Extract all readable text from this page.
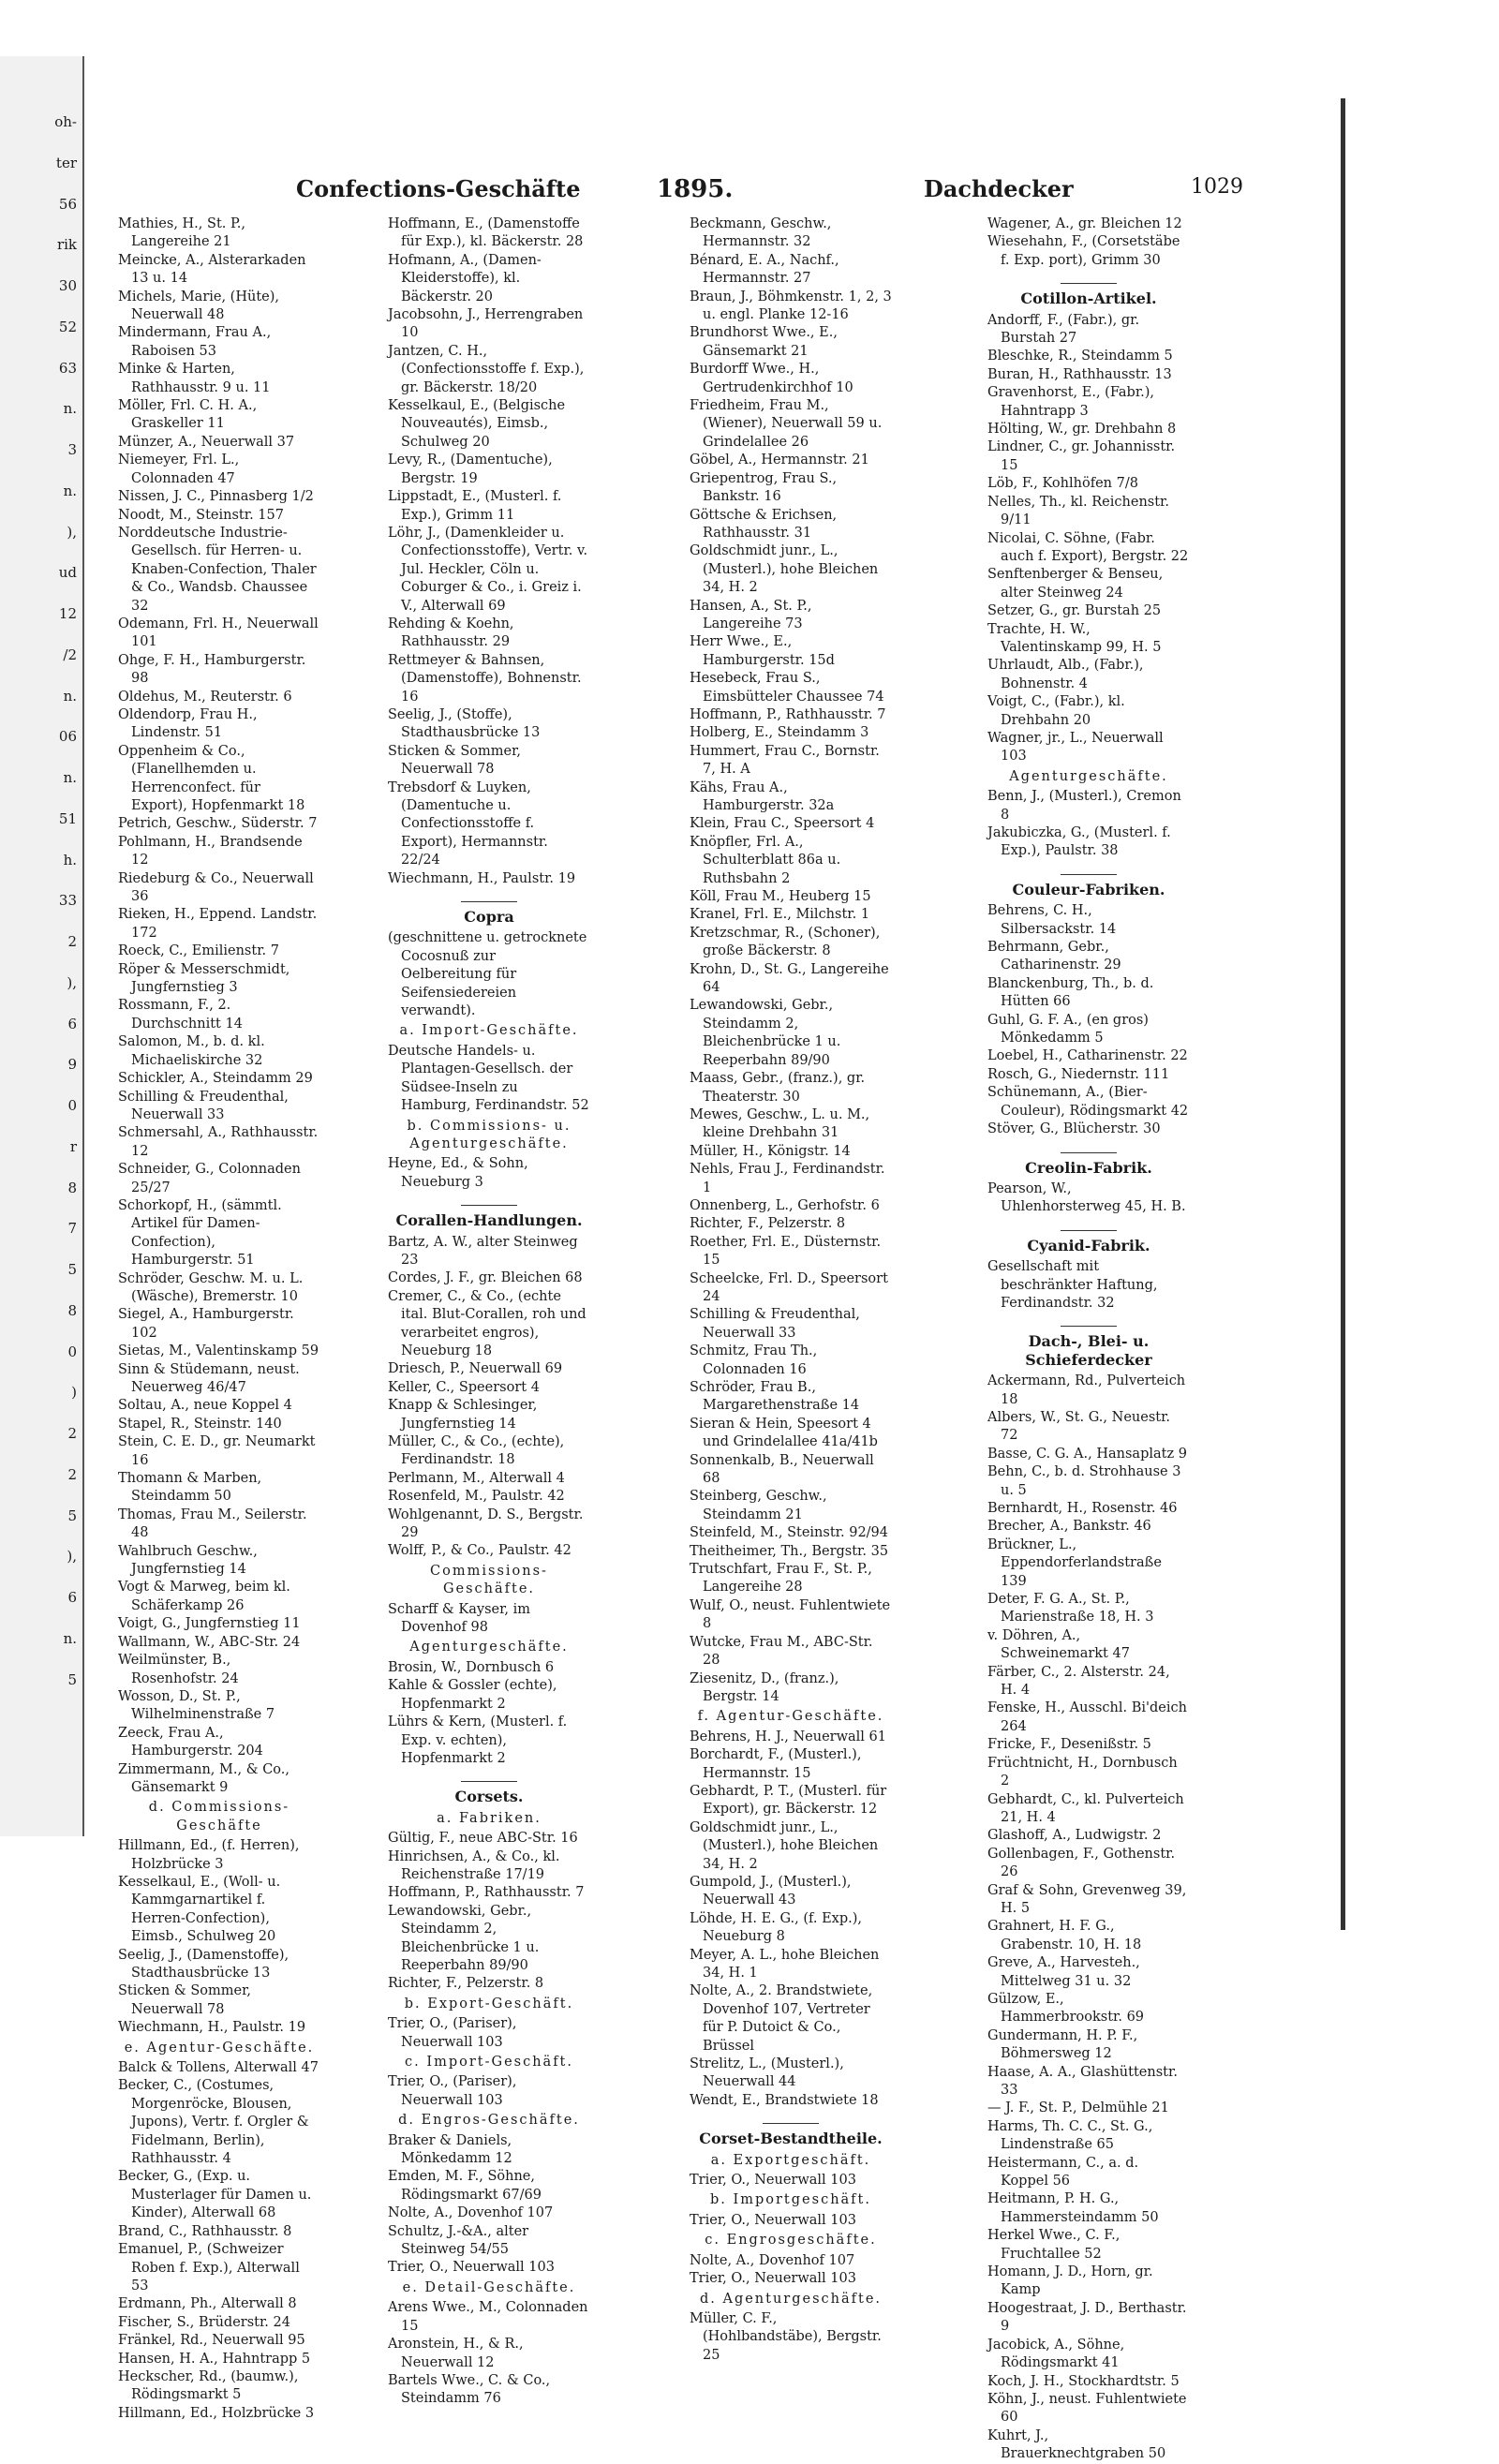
oh-
ter
56
rik
30
52
63
n.
3
n.
),
ud
12
/2
n.
06
n.
51
h.
33
2
),
6
9
0
r
8
7
5
8
0
)
2
2
5
),
6
n.
5
Confections-Geschäfte	1895.	Dachdecker	1029
Mathies, H., St. P., Langereihe 21
Meincke, A., Alsterarkaden 13 u. 14
Michels, Marie, (Hüte), Neuerwall 48
Mindermann, Frau A., Raboisen 53
Minke & Harten, Rathhausstr. 9 u. 11
Möller, Frl. C. H. A., Graskeller 11
Münzer, A., Neuerwall 37
Niemeyer, Frl. L., Colonnaden 47
Nissen, J. C., Pinnasberg 1/2
Noodt, M., Steinstr. 157
Norddeutsche Industrie-Gesellsch. für Herren- u. Knaben-Confection, Thaler & Co., Wandsb. Chaussee 32
Odemann, Frl. H., Neuerwall 101
Ohge, F. H., Hamburgerstr. 98
Oldehus, M., Reuterstr. 6
Oldendorp, Frau H., Lindenstr. 51
Oppenheim & Co., (Flanellhemden u. Herrenconfect. für Export), Hopfenmarkt 18
Petrich, Geschw., Süderstr. 7
Pohlmann, H., Brandsende 12
Riedeburg & Co., Neuerwall 36
Rieken, H., Eppend. Landstr. 172
Roeck, C., Emilienstr. 7
Röper & Messerschmidt, Jungfernstieg 3
Rossmann, F., 2. Durchschnitt 14
Salomon, M., b. d. kl. Michaeliskirche 32
Schickler, A., Steindamm 29
Schilling & Freudenthal, Neuerwall 33
Schmersahl, A., Rathhausstr. 12
Schneider, G., Colonnaden 25/27
Schorkopf, H., (sämmtl. Artikel für Damen-Confection), Hamburgerstr. 51
Schröder, Geschw. M. u. L. (Wäsche), Bremerstr. 10
Siegel, A., Hamburgerstr. 102
Sietas, M., Valentinskamp 59
Sinn & Stüdemann, neust. Neuerweg 46/47
Soltau, A., neue Koppel 4
Stapel, R., Steinstr. 140
Stein, C. E. D., gr. Neumarkt 16
Thomann & Marben, Steindamm 50
Thomas, Frau M., Seilerstr. 48
Wahlbruch Geschw., Jungfernstieg 14
Vogt & Marweg, beim kl. Schäferkamp 26
Voigt, G., Jungfernstieg 11
Wallmann, W., ABC-Str. 24
Weilmünster, B., Rosenhofstr. 24
Wosson, D., St. P., Wilhelminenstraße 7
Zeeck, Frau A., Hamburgerstr. 204
Zimmermann, M., & Co., Gänsemarkt 9
d. Commissions-Geschäfte
Hillmann, Ed., (f. Herren), Holzbrücke 3
Kesselkaul, E., (Woll- u. Kammgarnartikel f. Herren-Confection), Eimsb., Schulweg 20
Seelig, J., (Damenstoffe), Stadthausbrücke 13
Sticken & Sommer, Neuerwall 78
Wiechmann, H., Paulstr. 19
e. Agentur-Geschäfte.
Balck & Tollens, Alterwall 47
Becker, C., (Costumes, Morgenröcke, Blousen, Jupons), Vertr. f. Orgler & Fidelmann, Berlin), Rathhausstr. 4
Becker, G., (Exp. u. Musterlager für Damen u. Kinder), Alterwall 68
Brand, C., Rathhausstr. 8
Emanuel, P., (Schweizer Roben f. Exp.), Alterwall 53
Erdmann, Ph., Alterwall 8
Fischer, S., Brüderstr. 24
Fränkel, Rd., Neuerwall 95
Hansen, H. A., Hahntrapp 5
Heckscher, Rd., (baumw.), Rödingsmarkt 5
Hillmann, Ed., Holzbrücke 3
Hoffmann, E., (Damenstoffe für Exp.), kl. Bäckerstr. 28
Hofmann, A., (Damen-Kleiderstoffe), kl. Bäckerstr. 20
Jacobsohn, J., Herrengraben 10
Jantzen, C. H., (Confectionsstoffe f. Exp.), gr. Bäckerstr. 18/20
Kesselkaul, E., (Belgische Nouveautés), Eimsb., Schulweg 20
Levy, R., (Damentuche), Bergstr. 19
Lippstadt, E., (Musterl. f. Exp.), Grimm 11
Löhr, J., (Damenkleider u. Confectionsstoffe), Vertr. v. Jul. Heckler, Cöln u. Coburger & Co., i. Greiz i. V., Alterwall 69
Rehding & Koehn, Rathhausstr. 29
Rettmeyer & Bahnsen, (Damenstoffe), Bohnenstr. 16
Seelig, J., (Stoffe), Stadthausbrücke 13
Sticken & Sommer, Neuerwall 78
Trebsdorf & Luyken, (Damentuche u. Confectionsstoffe f. Export), Hermannstr. 22/24
Wiechmann, H., Paulstr. 19
Copra
(geschnittene u. getrocknete Cocosnuß zur Oelbereitung für Seifensiedereien verwandt).
a. Import-Geschäfte.
Deutsche Handels- u. Plantagen-Gesellsch. der Südsee-Inseln zu Hamburg, Ferdinandstr. 52
b. Commissions- u. Agenturgeschäfte.
Heyne, Ed., & Sohn, Neueburg 3
Corallen-Handlungen.
Bartz, A. W., alter Steinweg 23
Cordes, J. F., gr. Bleichen 68
Cremer, C., & Co., (echte ital. Blut-Corallen, roh und verarbeitet engros), Neueburg 18
Driesch, P., Neuerwall 69
Keller, C., Speersort 4
Knapp & Schlesinger, Jungfernstieg 14
Müller, C., & Co., (echte), Ferdinandstr. 18
Perlmann, M., Alterwall 4
Rosenfeld, M., Paulstr. 42
Wohlgenannt, D. S., Bergstr. 29
Wolff, P., & Co., Paulstr. 42
Commissions-Geschäfte.
Scharff & Kayser, im Dovenhof 98
Agenturgeschäfte.
Brosin, W., Dornbusch 6
Kahle & Gossler (echte), Hopfenmarkt 2
Lührs & Kern, (Musterl. f. Exp. v. echten), Hopfenmarkt 2
Corsets.
a. Fabriken.
Gültig, F., neue ABC-Str. 16
Hinrichsen, A., & Co., kl. Reichenstraße 17/19
Hoffmann, P., Rathhausstr. 7
Lewandowski, Gebr., Steindamm 2, Bleichenbrücke 1 u. Reeperbahn 89/90
Richter, F., Pelzerstr. 8
b. Export-Geschäft.
Trier, O., (Pariser), Neuerwall 103
c. Import-Geschäft.
Trier, O., (Pariser), Neuerwall 103
d. Engros-Geschäfte.
Braker & Daniels, Mönkedamm 12
Emden, M. F., Söhne, Rödingsmarkt 67/69
Nolte, A., Dovenhof 107
Schultz, J.-&A., alter Steinweg 54/55
Trier, O., Neuerwall 103
e. Detail-Geschäfte.
Arens Wwe., M., Colonnaden 15
Aronstein, H., & R., Neuerwall 12
Bartels Wwe., C. & Co., Steindamm 76
Beckmann, Geschw., Hermannstr. 32
Bénard, E. A., Nachf., Hermannstr. 27
Braun, J., Böhmkenstr. 1, 2, 3 u. engl. Planke 12-16
Brundhorst Wwe., E., Gänsemarkt 21
Burdorff Wwe., H., Gertrudenkirchhof 10
Friedheim, Frau M., (Wiener), Neuerwall 59 u. Grindelallee 26
Göbel, A., Hermannstr. 21
Griepentrog, Frau S., Bankstr. 16
Göttsche & Erichsen, Rathhausstr. 31
Goldschmidt junr., L., (Musterl.), hohe Bleichen 34, H. 2
Hansen, A., St. P., Langereihe 73
Herr Wwe., E., Hamburgerstr. 15d
Hesebeck, Frau S., Eimsbütteler Chaussee 74
Hoffmann, P., Rathhausstr. 7
Holberg, E., Steindamm 3
Hummert, Frau C., Bornstr. 7, H. A
Kähs, Frau A., Hamburgerstr. 32a
Klein, Frau C., Speersort 4
Knöpfler, Frl. A., Schulterblatt 86a u. Ruthsbahn 2
Köll, Frau M., Heuberg 15
Kranel, Frl. E., Milchstr. 1
Kretzschmar, R., (Schoner), große Bäckerstr. 8
Krohn, D., St. G., Langereihe 64
Lewandowski, Gebr., Steindamm 2, Bleichenbrücke 1 u. Reeperbahn 89/90
Maass, Gebr., (franz.), gr. Theaterstr. 30
Mewes, Geschw., L. u. M., kleine Drehbahn 31
Müller, H., Königstr. 14
Nehls, Frau J., Ferdinandstr. 1
Onnenberg, L., Gerhofstr. 6
Richter, F., Pelzerstr. 8
Roether, Frl. E., Düsternstr. 15
Scheelcke, Frl. D., Speersort 24
Schilling & Freudenthal, Neuerwall 33
Schmitz, Frau Th., Colonnaden 16
Schröder, Frau B., Margarethenstraße 14
Sieran & Hein, Speesort 4 und Grindelallee 41a/41b
Sonnenkalb, B., Neuerwall 68
Steinberg, Geschw., Steindamm 21
Steinfeld, M., Steinstr. 92/94
Theitheimer, Th., Bergstr. 35
Trutschfart, Frau F., St. P., Langereihe 28
Wulf, O., neust. Fuhlentwiete 8
Wutcke, Frau M., ABC-Str. 28
Ziesenitz, D., (franz.), Bergstr. 14
f. Agentur-Geschäfte.
Behrens, H. J., Neuerwall 61
Borchardt, F., (Musterl.), Hermannstr. 15
Gebhardt, P. T., (Musterl. für Export), gr. Bäckerstr. 12
Goldschmidt junr., L., (Musterl.), hohe Bleichen 34, H. 2
Gumpold, J., (Musterl.), Neuerwall 43
Löhde, H. E. G., (f. Exp.), Neueburg 8
Meyer, A. L., hohe Bleichen 34, H. 1
Nolte, A., 2. Brandstwiete, Dovenhof 107, Vertreter für P. Dutoict & Co., Brüssel
Strelitz, L., (Musterl.), Neuerwall 44
Wendt, E., Brandstwiete 18
Corset-Bestandtheile.
a. Exportgeschäft.
Trier, O., Neuerwall 103
b. Importgeschäft.
Trier, O., Neuerwall 103
c. Engrosgeschäfte.
Nolte, A., Dovenhof 107
Trier, O., Neuerwall 103
d. Agenturgeschäfte.
Müller, C. F., (Hohlbandstäbe), Bergstr. 25
Wagener, A., gr. Bleichen 12
Wiesehahn, F., (Corsetstäbe f. Exp. port), Grimm 30
Cotillon-Artikel.
Andorff, F., (Fabr.), gr. Burstah 27
Bleschke, R., Steindamm 5
Buran, H., Rathhausstr. 13
Gravenhorst, E., (Fabr.), Hahntrapp 3
Hölting, W., gr. Drehbahn 8
Lindner, C., gr. Johannisstr. 15
Löb, F., Kohlhöfen 7/8
Nelles, Th., kl. Reichenstr. 9/11
Nicolai, C. Söhne, (Fabr. auch f. Export), Bergstr. 22
Senftenberger & Benseu, alter Steinweg 24
Setzer, G., gr. Burstah 25
Trachte, H. W., Valentinskamp 99, H. 5
Uhrlaudt, Alb., (Fabr.), Bohnenstr. 4
Voigt, C., (Fabr.), kl. Drehbahn 20
Wagner, jr., L., Neuerwall 103
Agenturgeschäfte.
Benn, J., (Musterl.), Cremon 8
Jakubiczka, G., (Musterl. f. Exp.), Paulstr. 38
Couleur-Fabriken.
Behrens, C. H., Silbersackstr. 14
Behrmann, Gebr., Catharinenstr. 29
Blanckenburg, Th., b. d. Hütten 66
Guhl, G. F. A., (en gros) Mönkedamm 5
Loebel, H., Catharinenstr. 22
Rosch, G., Niedernstr. 111
Schünemann, A., (Bier-Couleur), Rödingsmarkt 42
Stöver, G., Blücherstr. 30
Creolin-Fabrik.
Pearson, W., Uhlenhorsterweg 45, H. B.
Cyanid-Fabrik.
Gesellschaft mit beschränkter Haftung, Ferdinandstr. 32
Dach-, Blei- u. Schieferdecker
Ackermann, Rd., Pulverteich 18
Albers, W., St. G., Neuestr. 72
Basse, C. G. A., Hansaplatz 9
Behn, C., b. d. Strohhause 3 u. 5
Bernhardt, H., Rosenstr. 46
Brecher, A., Bankstr. 46
Brückner, L., Eppendorferlandstraße 139
Deter, F. G. A., St. P., Marienstraße 18, H. 3
v. Döhren, A., Schweinemarkt 47
Färber, C., 2. Alsterstr. 24, H. 4
Fenske, H., Ausschl. Bi'deich 264
Fricke, F., Desenißstr. 5
Früchtnicht, H., Dornbusch 2
Gebhardt, C., kl. Pulverteich 21, H. 4
Glashoff, A., Ludwigstr. 2
Gollenbagen, F., Gothenstr. 26
Graf & Sohn, Grevenweg 39, H. 5
Grahnert, H. F. G., Grabenstr. 10, H. 18
Greve, A., Harvesteh., Mittelweg 31 u. 32
Gülzow, E., Hammerbrookstr. 69
Gundermann, H. P. F., Böhmersweg 12
Haase, A. A., Glashüttenstr. 33
— J. F., St. P., Delmühle 21
Harms, Th. C. C., St. G., Lindenstraße 65
Heistermann, C., a. d. Koppel 56
Heitmann, P. H. G., Hammersteindamm 50
Herkel Wwe., C. F., Fruchtallee 52
Homann, J. D., Horn, gr. Kamp
Hoogestraat, J. D., Berthastr. 9
Jacobick, A., Söhne, Rödingsmarkt 41
Koch, J. H., Stockhardtstr. 5
Köhn, J., neust. Fuhlentwiete 60
Kuhrt, J., Brauerknechtgraben 50
